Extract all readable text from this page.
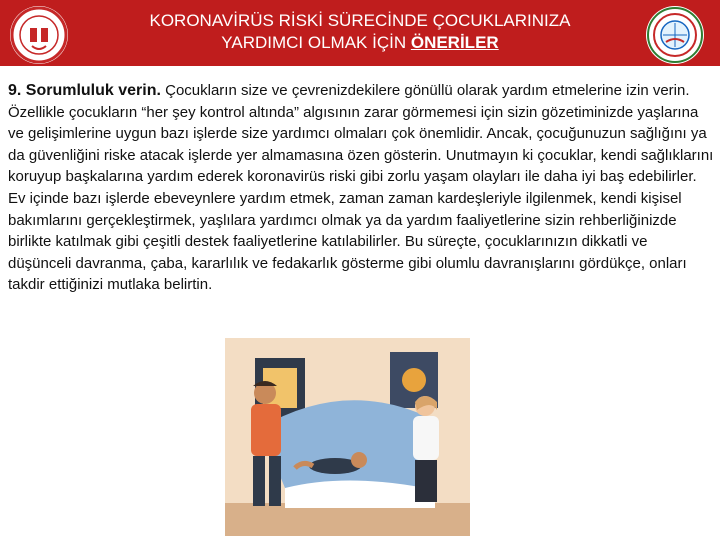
KORONAVİRÜS RİSKİ SÜRECİNDE ÇOCUKLARINIZA
YARDIMCI OLMAK İÇİN ÖNERİLER
9. Sorumluluk verin. Çocukların size ve çevrenizdekilere gönüllü olarak yardım etmelerine izin verin. Özellikle çocukların “her şey kontrol altında” algısının zarar görmemesi için sizin gözetiminizde yaşlarına ve gelişimlerine uygun bazı işlerde size yardımcı olmaları çok önemlidir. Ancak, çocuğunuzun sağlığını ya da güvenliğini riske atacak işlerde yer almamasına özen gösterin. Unutmayın ki çocuklar, kendi sağlıklarını koruyup başkalarına yardım ederek koronavirüs riski gibi zorlu yaşam olayları ile daha iyi baş edebilirler. Ev içinde bazı işlerde ebeveynlere yardım etmek, zaman zaman kardeşleriyle ilgilenmek, kendi kişisel bakımlarını gerçekleştirmek, yaşlılara yardımcı olmak ya da yardım faaliyetlerine sizin rehberliğinizde birlikte katılmak gibi çeşitli destek faaliyetlerine katılabilirler. Bu süreçte, çocuklarınızın dikkatli ve düşünceli davranma, çaba, kararlılık ve fedakarlık gösterme gibi olumlu davranışlarını gördükçe, onları takdir ettiğinizi mutlaka belirtin.
